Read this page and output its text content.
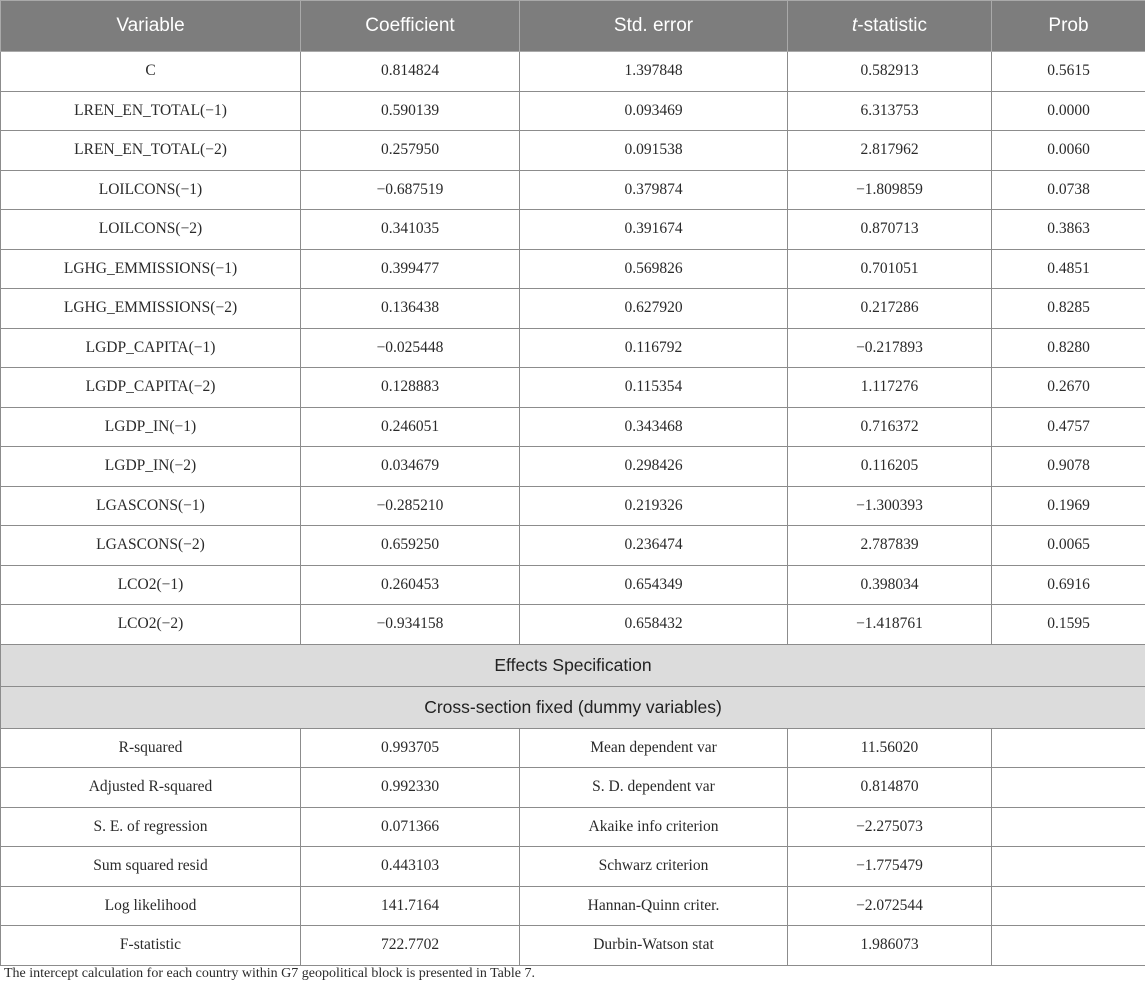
Variable	Coefficient	Std. error	t-statistic	Prob
C	0.814824	1.397848	0.582913	0.5615
LREN_EN_TOTAL(−1)	0.590139	0.093469	6.313753	0.0000
LREN_EN_TOTAL(−2)	0.257950	0.091538	2.817962	0.0060
LOILCONS(−1)	−0.687519	0.379874	−1.809859	0.0738
LOILCONS(−2)	0.341035	0.391674	0.870713	0.3863
LGHG_EMMISSIONS(−1)	0.399477	0.569826	0.701051	0.4851
LGHG_EMMISSIONS(−2)	0.136438	0.627920	0.217286	0.8285
LGDP_CAPITA(−1)	−0.025448	0.116792	−0.217893	0.8280
LGDP_CAPITA(−2)	0.128883	0.115354	1.117276	0.2670
LGDP_IN(−1)	0.246051	0.343468	0.716372	0.4757
LGDP_IN(−2)	0.034679	0.298426	0.116205	0.9078
LGASCONS(−1)	−0.285210	0.219326	−1.300393	0.1969
LGASCONS(−2)	0.659250	0.236474	2.787839	0.0065
LCO2(−1)	0.260453	0.654349	0.398034	0.6916
LCO2(−2)	−0.934158	0.658432	−1.418761	0.1595
Effects Specification				
Cross-section fixed (dummy variables)				
R-squared	0.993705	Mean dependent var	11.56020	
Adjusted R-squared	0.992330	S. D. dependent var	0.814870	
S. E. of regression	0.071366	Akaike info criterion	−2.275073	
Sum squared resid	0.443103	Schwarz criterion	−1.775479	
Log likelihood	141.7164	Hannan-Quinn criter.	−2.072544	
F-statistic	722.7702	Durbin-Watson stat	1.986073	
The intercept calculation for each country within G7 geopolitical block is presented in Table 7.
